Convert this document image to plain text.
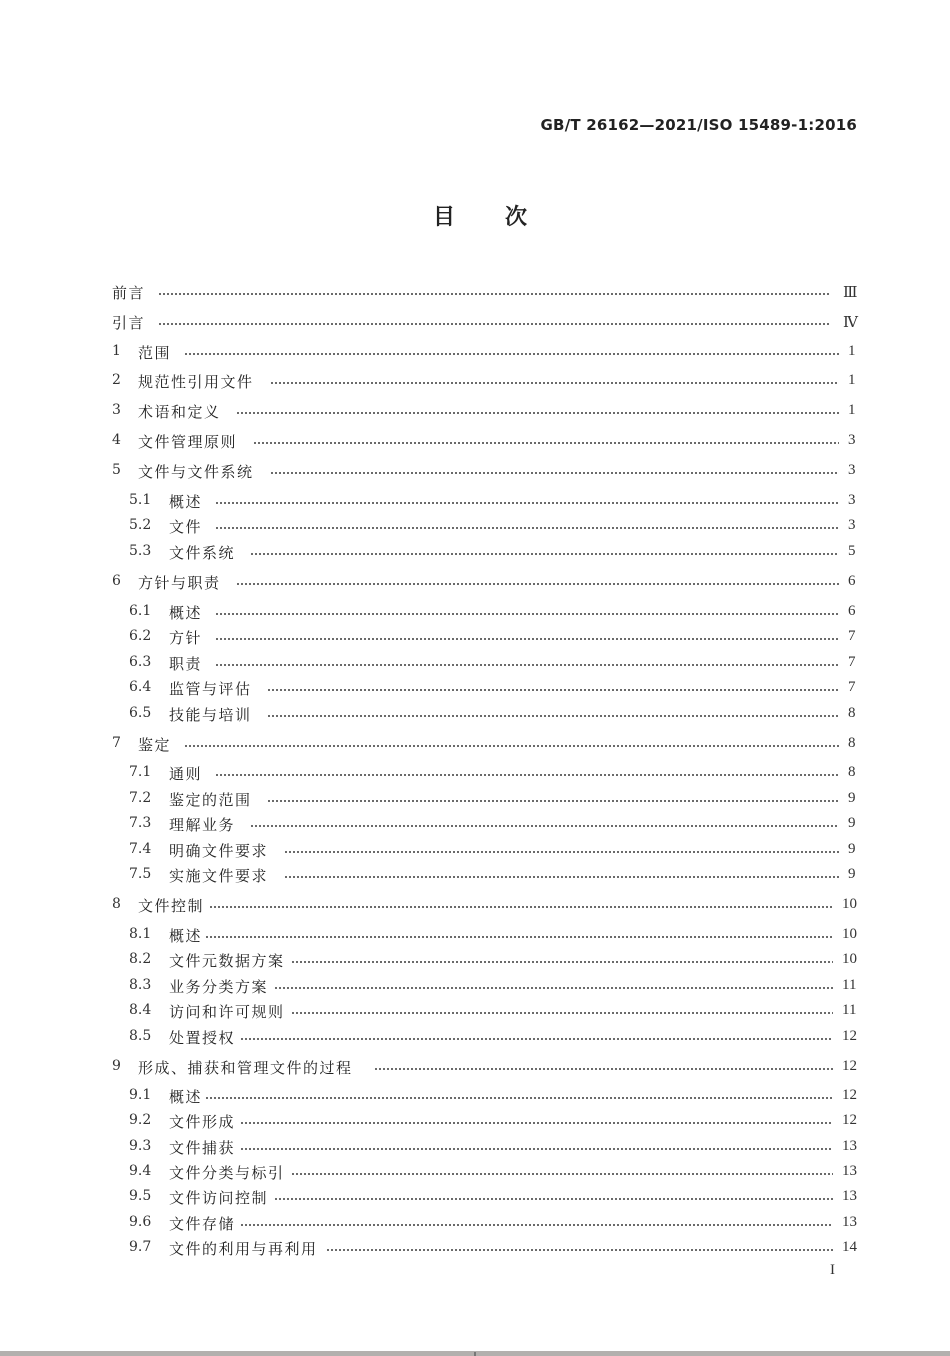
GB/T 26162—2021/ISO 15489-1:2016
目 次
前言	Ⅲ
引言	Ⅳ
1 范围	1
2 规范性引用文件	1
3 术语和定义	1
4 文件管理原则	3
5 文件与文件系统	3
5.1 概述	3
5.2 文件	3
5.3 文件系统	5
6 方针与职责	6
6.1 概述	6
6.2 方针	7
6.3 职责	7
6.4 监管与评估	7
6.5 技能与培训	8
7 鉴定	8
7.1 通则	8
7.2 鉴定的范围	9
7.3 理解业务	9
7.4 明确文件要求	9
7.5 实施文件要求	9
8 文件控制	10
8.1 概述	10
8.2 文件元数据方案	10
8.3 业务分类方案	11
8.4 访问和许可规则	11
8.5 处置授权	12
9 形成、捕获和管理文件的过程	12
9.1 概述	12
9.2 文件形成	12
9.3 文件捕获	13
9.4 文件分类与标引	13
9.5 文件访问控制	13
9.6 文件存储	13
9.7 文件的利用与再利用	14
I
